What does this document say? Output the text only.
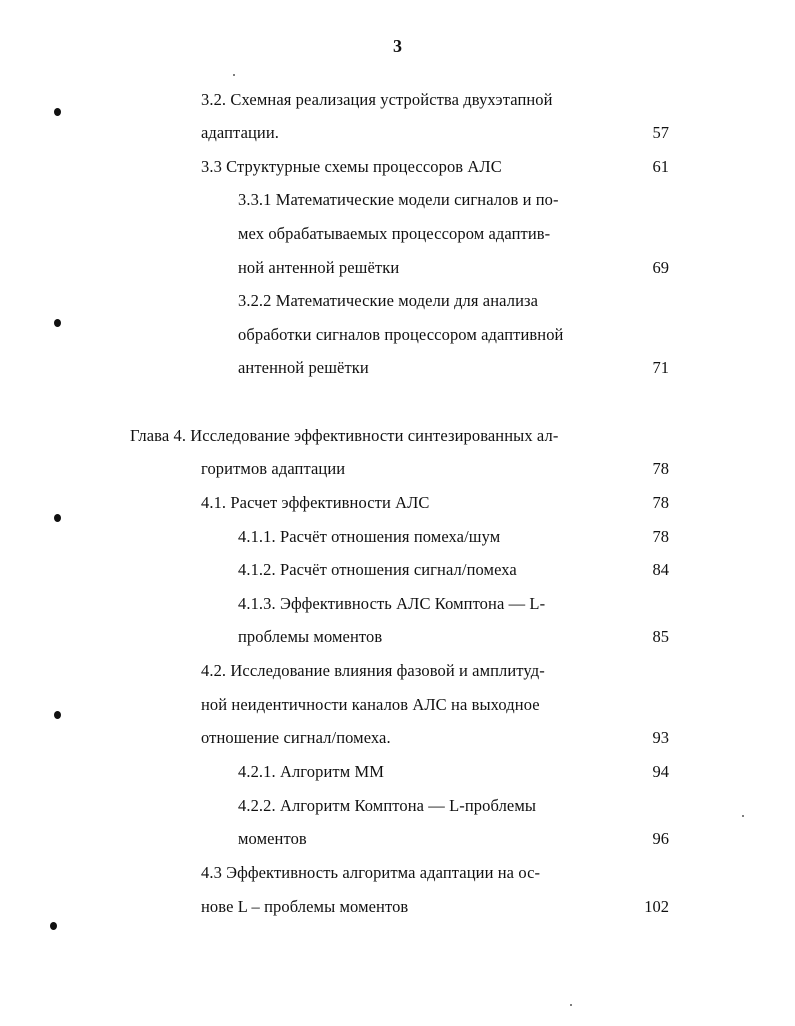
3
3.2. Схемная реализация устройства двухэтапной
адаптации.	57
3.3 Структурные схемы процессоров АЛС	61
3.3.1 Математические модели сигналов и по-
мех обрабатываемых процессором адаптив-
ной антенной решётки	69
3.2.2 Математические модели для анализа
обработки сигналов процессором адаптивной
антенной решётки	71
Глава 4. Исследование эффективности синтезированных ал-
горитмов адаптации	78
4.1. Расчет эффективности АЛС	78
4.1.1. Расчёт отношения помеха/шум	78
4.1.2. Расчёт отношения сигнал/помеха	84
4.1.3. Эффективность АЛС Комптона — L-
проблемы моментов	85
4.2. Исследование влияния фазовой и амплитуд-
ной неидентичности каналов АЛС на выходное
отношение сигнал/помеха.	93
4.2.1. Алгоритм ММ	94
4.2.2. Алгоритм Комптона — L-проблемы
моментов	96
4.3 Эффективность алгоритма адаптации на ос-
нове L – проблемы моментов	102
